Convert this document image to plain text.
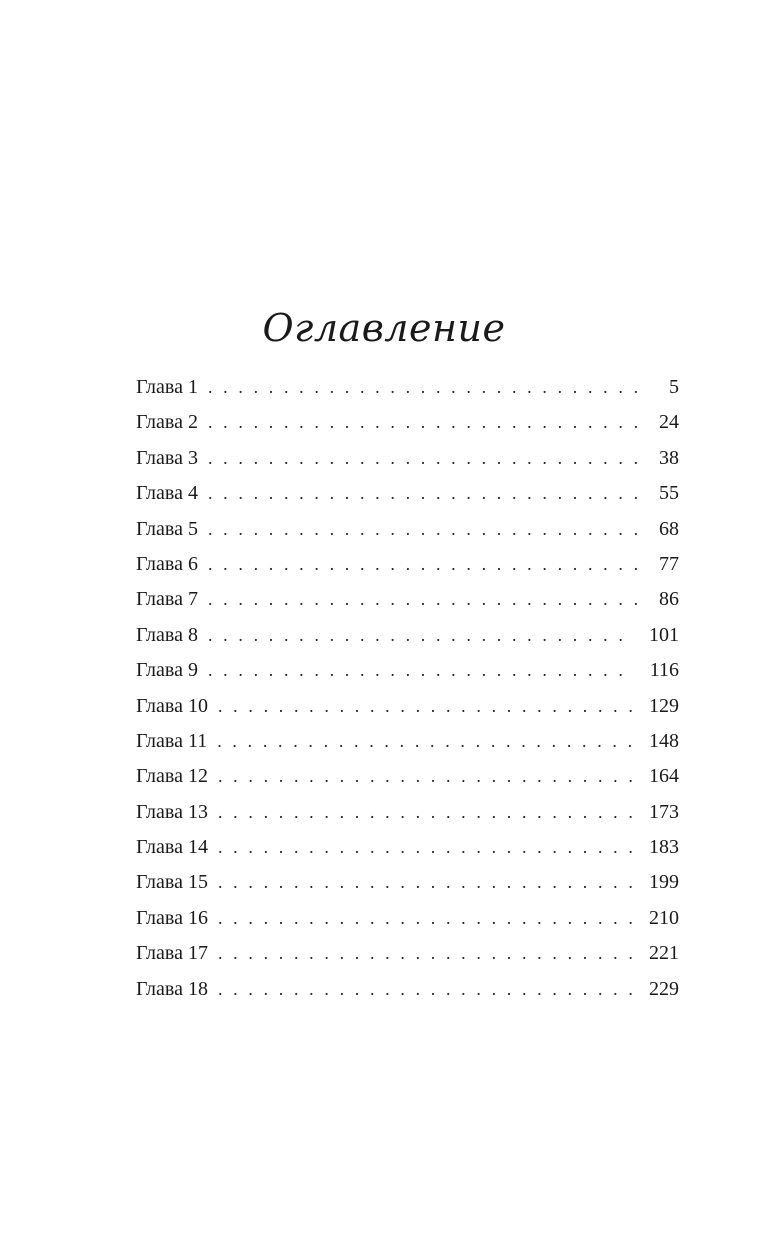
Оглавление
Глава 1 . . .	5
Глава 2 . . .	24
Глава 3 . . .	38
Глава 4 . . .	55
Глава 5 . . .	68
Глава 6 . . .	77
Глава 7 . . .	86
Глава 8 . . .	101
Глава 9 . . .	116
Глава 10 . . .	129
Глава 11 . . .	148
Глава 12 . . .	164
Глава 13 . . .	173
Глава 14 . . .	183
Глава 15 . . .	199
Глава 16 . . .	210
Глава 17 . . .	221
Глава 18 . . .	229
